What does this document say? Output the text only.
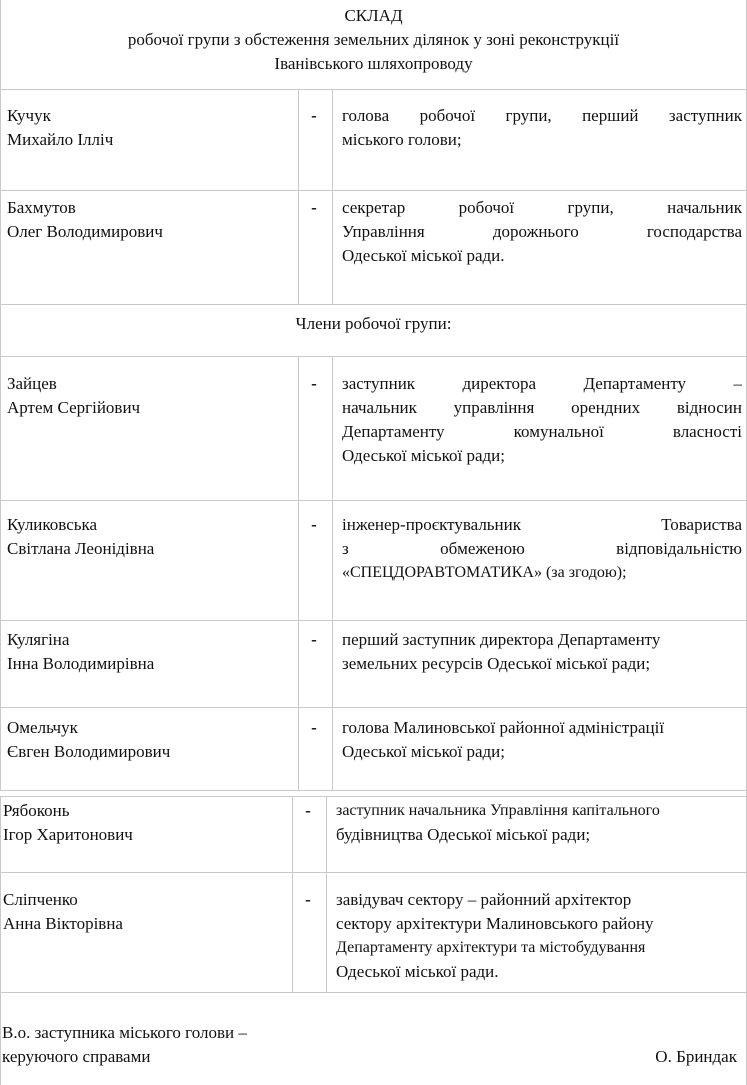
СКЛАД
робочої групи з обстеження земельних ділянок у зоні реконструкції
Іванівського шляхопроводу
Кучук
Михайло Ілліч
-	голова робочої групи, перший заступник
міського голови;
Бахмутов
Олег Володимирович
-	секретар робочої групи, начальник
Управління дорожнього господарства
Одеської міської ради.
Члени робочої групи:
Зайцев
Артем Сергійович
-	заступник директора Департаменту –
начальник управління орендних відносин
Департаменту комунальної власності
Одеської міської ради;
Куликовська
Світлана Леонідівна
-	інженер-проєктувальник Товариства
з обмеженою відповідальністю
«СПЕЦДОРАВТОМАТИКА» (за згодою);
Кулягіна
Інна Володимирівна
-	перший заступник директора Департаменту
земельних ресурсів Одеської міської ради;
Омельчук
Євген Володимирович
-	голова Малиновської районної адміністрації
Одеської міської ради;
Рябоконь
Ігор Харитонович
-	заступник начальника Управління капітального
будівництва Одеської міської ради;
Сліпченко
Анна Вікторівна
-	завідувач сектору – районний архітектор
сектору архітектури Малиновського району
Департаменту архітектури та містобудування
Одеської міської ради.
В.о. заступника міського голови –
керуючого справами	О. Бриндак
